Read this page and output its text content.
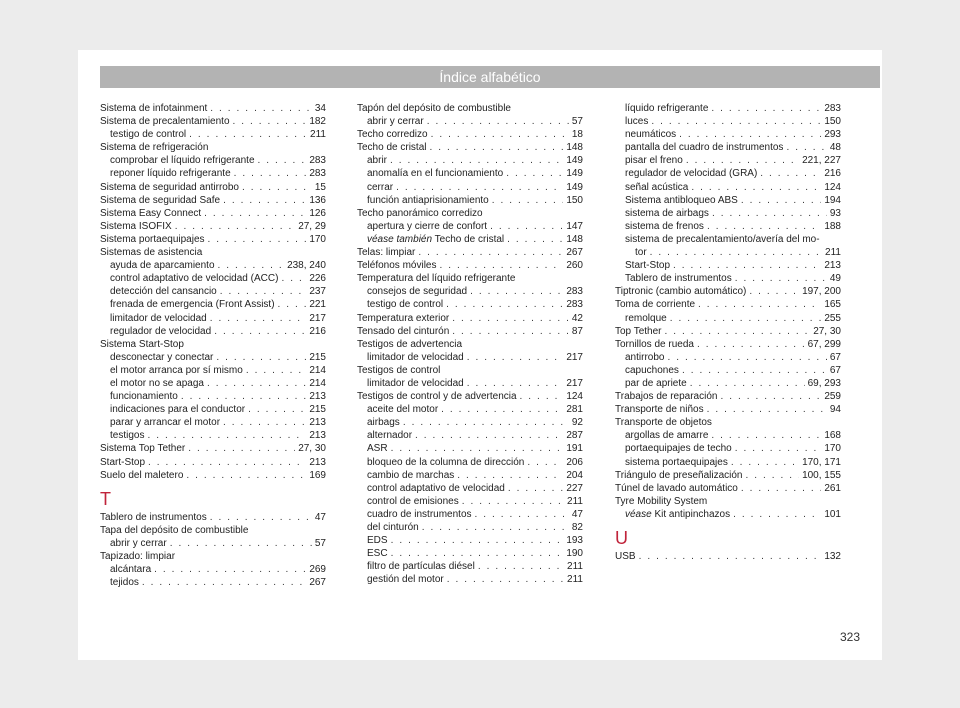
Índice alfabético
Sistema de infotainment . . .	34
Sistema de precalentamiento . . .	182
testigo de control . . .	211
Sistema de refrigeración
comprobar el líquido refrigerante . . .	283
reponer líquido refrigerante . . .	283
Sistema de seguridad antirrobo . . .	15
Sistema de seguridad Safe . . .	136
Sistema Easy Connect . . .	126
Sistema ISOFIX . . .	27, 29
Sistema portaequipajes . . .	170
Sistemas de asistencia
ayuda de aparcamiento . . .	238, 240
control adaptativo de velocidad (ACC) . . .	226
detección del cansancio . . .	237
frenada de emergencia (Front Assist) . . .	221
limitador de velocidad . . .	217
regulador de velocidad . . .	216
Sistema Start-Stop
desconectar y conectar . . .	215
el motor arranca por sí mismo . . .	214
el motor no se apaga . . .	214
funcionamiento . . .	213
indicaciones para el conductor . . .	215
parar y arrancar el motor . . .	213
testigos . . .	213
Sistema Top Tether . . .	27, 30
Start-Stop . . .	213
Suelo del maletero . . .	169
T
Tablero de instrumentos . . .	47
Tapa del depósito de combustible
abrir y cerrar . . .	57
Tapizado: limpiar
alcántara . . .	269
tejidos . . .	267
Tapón del depósito de combustible
abrir y cerrar . . .	57
Techo corredizo . . .	18
Techo de cristal . . .	148
abrir . . .	149
anomalía en el funcionamiento . . .	149
cerrar . . .	149
función antiaprisionamiento . . .	150
Techo panorámico corredizo
apertura y cierre de confort . . .	147
véase también Techo de cristal . . .	148
Telas: limpiar . . .	267
Teléfonos móviles . . .	260
Temperatura del líquido refrigerante
consejos de seguridad . . .	283
testigo de control . . .	283
Temperatura exterior . . .	42
Tensado del cinturón . . .	87
Testigos de advertencia
limitador de velocidad . . .	217
Testigos de control
limitador de velocidad . . .	217
Testigos de control y de advertencia . . .	124
aceite del motor . . .	281
airbags . . .	92
alternador . . .	287
ASR . . .	191
bloqueo de la columna de dirección . . .	206
cambio de marchas . . .	204
control adaptativo de velocidad . . .	227
control de emisiones . . .	211
cuadro de instrumentos . . .	47
del cinturón . . .	82
EDS . . .	193
ESC . . .	190
filtro de partículas diésel . . .	211
gestión del motor . . .	211
líquido refrigerante . . .	283
luces . . .	150
neumáticos . . .	293
pantalla del cuadro de instrumentos . . .	48
pisar el freno . . .	221, 227
regulador de velocidad (GRA) . . .	216
señal acústica . . .	124
Sistema antibloqueo ABS . . .	194
sistema de airbags . . .	93
sistema de frenos . . .	188
sistema de precalentamiento/avería del mo-
tor . . .	211
Start-Stop . . .	213
Tablero de instrumentos . . .	49
Tiptronic (cambio automático) . . .	197, 200
Toma de corriente . . .	165
remolque . . .	255
Top Tether . . .	27, 30
Tornillos de rueda . . .	67, 299
antirrobo . . .	67
capuchones . . .	67
par de apriete . . .	69, 293
Trabajos de reparación . . .	259
Transporte de niños . . .	94
Transporte de objetos
argollas de amarre . . .	168
portaequipajes de techo . . .	170
sistema portaequipajes . . .	170, 171
Triángulo de preseñalización . . .	100, 155
Túnel de lavado automático . . .	261
Tyre Mobility System
véase Kit antipinchazos . . .	101
U
USB . . .	132
323
